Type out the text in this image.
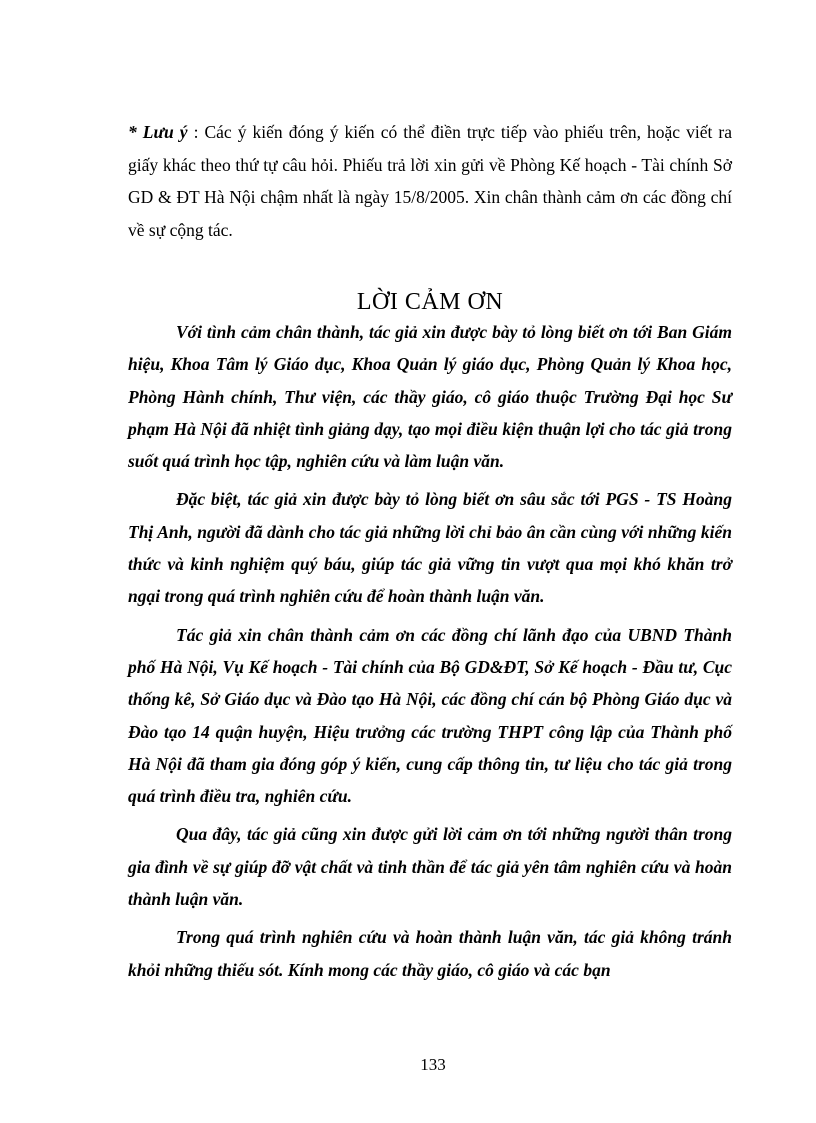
* Lưu ý : Các ý kiến đóng ý kiến có thể điền trực tiếp vào phiếu trên, hoặc viết ra giấy khác theo thứ tự câu hỏi. Phiếu trả lời xin gửi về Phòng Kế hoạch - Tài chính Sở GD & ĐT Hà Nội chậm nhất là ngày 15/8/2005. Xin chân thành cảm ơn các đồng chí về sự cộng tác.
LỜI CẢM ƠN

Với tình cảm chân thành, tác giả xin được bày tỏ lòng biết ơn tới Ban Giám hiệu, Khoa Tâm lý Giáo dục, Khoa Quản lý giáo dục, Phòng Quản lý Khoa học, Phòng Hành chính, Thư viện, các thầy giáo, cô giáo thuộc Trường Đại học Sư phạm Hà Nội đã nhiệt tình giảng dạy, tạo mọi điều kiện thuận lợi cho tác giả trong suốt quá trình học tập, nghiên cứu và làm luận văn.

Đặc biệt, tác giả xin được bày tỏ lòng biết ơn sâu sắc tới PGS - TS Hoàng Thị Anh, người đã dành cho tác giả những lời chỉ bảo ân cần cùng với những kiến thức và kinh nghiệm quý báu, giúp tác giả vững tin vượt qua mọi khó khăn trở ngại trong quá trình nghiên cứu để hoàn thành luận văn.

Tác giả xin chân thành cảm ơn các đồng chí lãnh đạo của UBND Thành phố Hà Nội, Vụ Kế hoạch - Tài chính của Bộ GD&ĐT, Sở Kế hoạch - Đầu tư, Cục thống kê, Sở Giáo dục và Đào tạo Hà Nội, các đồng chí cán bộ Phòng Giáo dục và Đào tạo 14 quận huyện, Hiệu trưởng các trường THPT công lập của Thành phố Hà Nội đã tham gia đóng góp ý kiến, cung cấp thông tin, tư liệu cho tác giả trong quá trình điều tra, nghiên cứu.

Qua đây, tác giả cũng xin được gửi lời cảm ơn tới những người thân trong gia đình về sự giúp đỡ vật chất và tinh thần để tác giả yên tâm nghiên cứu và hoàn thành luận văn.

Trong quá trình nghiên cứu và hoàn thành luận văn, tác giả không tránh khỏi những thiếu sót. Kính mong các thầy giáo, cô giáo và các bạn

133
